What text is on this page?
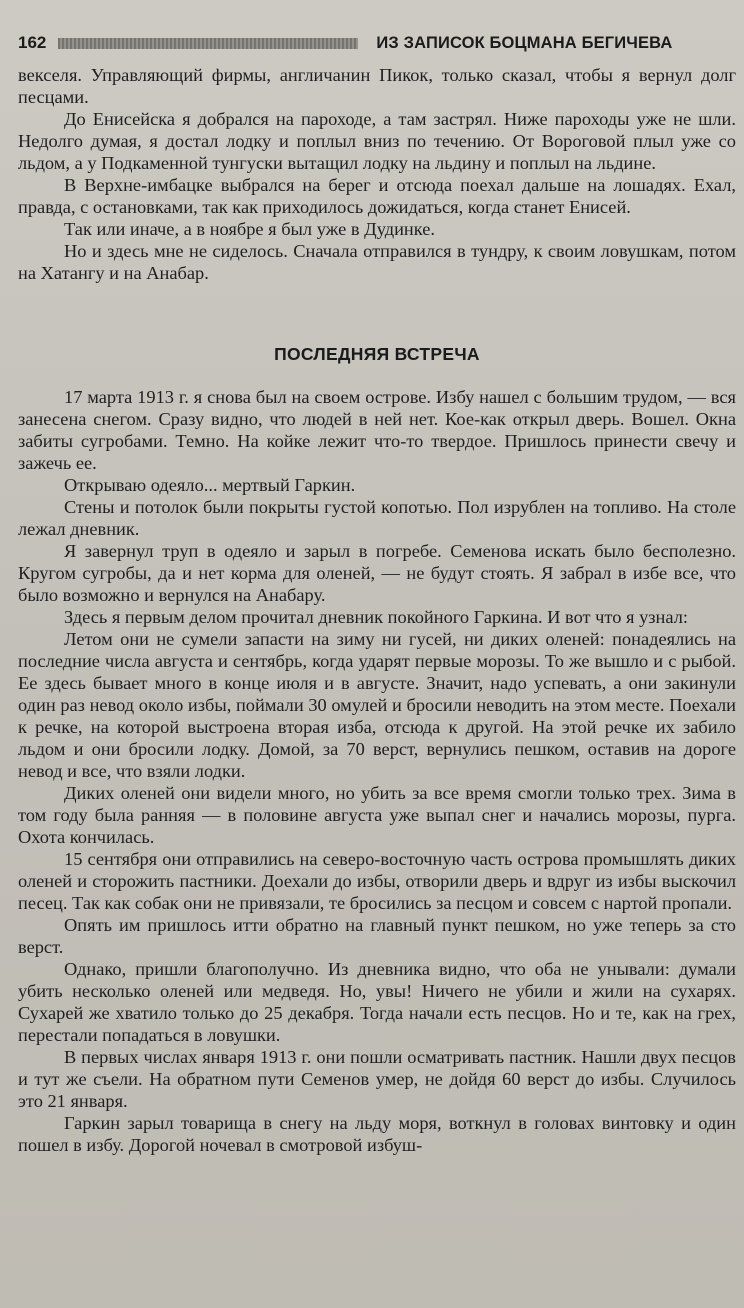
162	ИЗ ЗАПИСОК БОЦМАНА БЕГИЧЕВА

векселя. Управляющий фирмы, англичанин Пикок, только сказал, чтобы я вернул долг песцами.

До Енисейска я добрался на пароходе, а там застрял. Ниже пароходы уже не шли. Недолго думая, я достал лодку и поплыл вниз по течению. От Вороговой плыл уже со льдом, а у Подкаменной тунгуски вытащил лодку на льдину и поплыл на льдине.

В Верхне-имбацке выбрался на берег и отсюда поехал дальше на лошадях. Ехал, правда, с остановками, так как приходилось дожидаться, когда станет Енисей.

Так или иначе, а в ноябре я был уже в Дудинке.

Но и здесь мне не сиделось. Сначала отправился в тундру, к своим ловушкам, потом на Хатангу и на Анабар.

ПОСЛЕДНЯЯ ВСТРЕЧА

17 марта 1913 г. я снова был на своем острове. Избу нашел с большим трудом, — вся занесена снегом. Сразу видно, что людей в ней нет. Кое-как открыл дверь. Вошел. Окна забиты сугробами. Темно. На койке лежит что-то твердое. Пришлось принести свечу и зажечь ее.

Открываю одеяло... мертвый Гаркин.

Стены и потолок были покрыты густой копотью. Пол изрублен на топливо. На столе лежал дневник.

Я завернул труп в одеяло и зарыл в погребе. Семенова искать было бесполезно. Кругом сугробы, да и нет корма для оленей, — не будут стоять. Я забрал в избе все, что было возможно и вернулся на Анабару.

Здесь я первым делом прочитал дневник покойного Гаркина. И вот что я узнал:

Летом они не сумели запасти на зиму ни гусей, ни диких оленей: понадеялись на последние числа августа и сентябрь, когда ударят первые морозы. То же вышло и с рыбой. Ее здесь бывает много в конце июля и в августе. Значит, надо успевать, а они закинули один раз невод около избы, поймали 30 омулей и бросили неводить на этом месте. Поехали к речке, на которой выстроена вторая изба, отсюда к другой. На этой речке их забило льдом и они бросили лодку. Домой, за 70 верст, вернулись пешком, оставив на дороге невод и все, что взяли лодки.

Диких оленей они видели много, но убить за все время смогли только трех. Зима в том году была ранняя — в половине августа уже выпал снег и начались морозы, пурга. Охота кончилась.

15 сентября они отправились на северо-восточную часть острова промышлять диких оленей и сторожить пастники. Доехали до избы, отворили дверь и вдруг из избы выскочил песец. Так как собак они не привязали, те бросились за песцом и совсем с нартой пропали.

Опять им пришлось итти обратно на главный пункт пешком, но уже теперь за сто верст.

Однако, пришли благополучно. Из дневника видно, что оба не унывали: думали убить несколько оленей или медведя. Но, увы! Ничего не убили и жили на сухарях. Сухарей же хватило только до 25 декабря. Тогда начали есть песцов. Но и те, как на грех, перестали попадаться в ловушки.

В первых числах января 1913 г. они пошли осматривать пастник. Нашли двух песцов и тут же съели. На обратном пути Семенов умер, не дойдя 60 верст до избы. Случилось это 21 января.

Гаркин зарыл товарища в снегу на льду моря, воткнул в головах винтовку и один пошел в избу. Дорогой ночевал в смотровой избуш-
